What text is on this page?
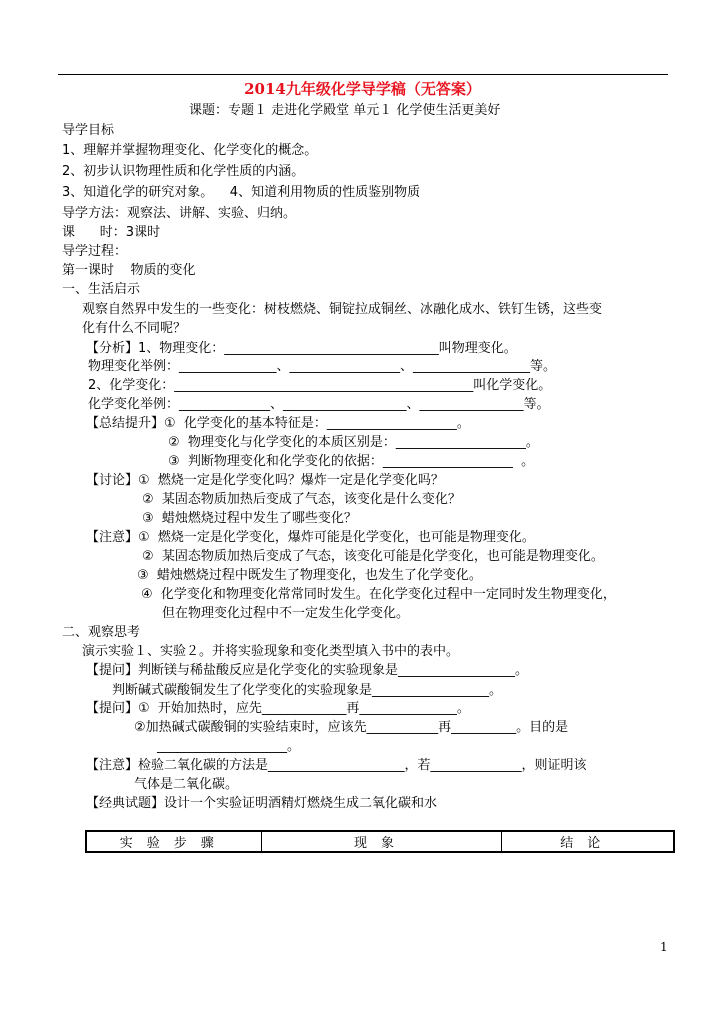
2014九年级化学导学稿（无答案）
课题：专题１ 走进化学殿堂 单元１ 化学使生活更美好
导学目标
1、理解并掌握物理变化、化学变化的概念。
2、初步认识物理性质和化学性质的内涵。
3、知道化学的研究对象。    4、知道利用物质的性质鉴别物质
导学方法：观察法、讲解、实验、归纳。
课      时：3课时
导学过程：
第一课时    物质的变化
一、生活启示
观察自然界中发生的一些变化：树枝燃烧、铜锭拉成铜丝、冰融化成水、铁钉生锈，这些变
化有什么不同呢？
【分析】1、物理变化：_________________________________叫物理变化。
物理变化举例：_______________、_________________、__________________等。
2、化学变化：______________________________________________叫化学变化。
化学变化举例：______________、___________________、________________等。
【总结提升】①  化学变化的基本特征是：____________________。
②  物理变化与化学变化的本质区别是：____________________。
③  判断物理变化和化学变化的依据：____________________  。
【讨论】①  燃烧一定是化学变化吗？爆炸一定是化学变化吗？
②  某固态物质加热后变成了气态，该变化是什么变化？
③  蜡烛燃烧过程中发生了哪些变化？
【注意】①  燃烧一定是化学变化，爆炸可能是化学变化，也可能是物理变化。
②  某固态物质加热后变成了气态，该变化可能是化学变化，也可能是物理变化。
③  蜡烛燃烧过程中既发生了物理变化，也发生了化学变化。
④  化学变化和物理变化常常同时发生。在化学变化过程中一定同时发生物理变化，
但在物理变化过程中不一定发生化学变化。
二、观察思考
演示实验１、实验２。并将实验现象和变化类型填入书中的表中。
【提问】判断镁与稀盐酸反应是化学变化的实验现象是__________________。
判断碱式碳酸铜发生了化学变化的实验现象是__________________。
【提问】①  开始加热时，应先_____________再_______________。
②加热碱式碳酸铜的实验结束时，应该先___________再__________。目的是
____________________。
【注意】检验二氧化碳的方法是_____________________，若______________，则证明该
气体是二氧化碳。
【经典试题】设计一个实验证明酒精灯燃烧生成二氧化碳和水
实验步骤	现象	结论
1
